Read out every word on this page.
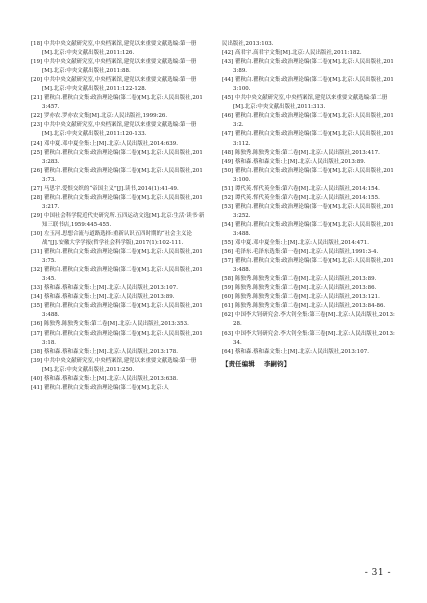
[18] 中共中央文献研究室,中央档案馆,建党以来重要文献选编:第一册[M].北京:中央文献出版社,2011:126.

[19] 中共中央文献研究室,中央档案馆,建党以来重要文献选编:第一册[M].北京:中央文献出版社,2011:88.

[20] 中共中央文献研究室,中央档案馆,建党以来重要文献选编:第一册[M].北京:中央文献出版社,2011:122-128.

[21] 瞿秋白.瞿秋白文集:政治理论编(第二卷)[M].北京:人民出版社,2013:457.

[22] 罗亦农.罗亦农文集[M].北京:人民出版社,1999:26.

[23] 中共中央文献研究室,中央档案馆,建党以来重要文献选编:第一册[M].北京:中央文献出版社,2011:120-133.

[24] 邓中夏.邓中夏全集:上[M].北京:人民出版社,2014:639.

[25] 瞿秋白.瞿秋白文集:政治理论编(第二卷)[M].北京:人民出版社,2013:283.

[26] 瞿秋白.瞿秋白文集:政治理论编(第二卷)[M].北京:人民出版社,2013:73.

[27] 马思宇.爱恨交织的“帝国主义”[J].读书,2014(1):41-49.

[28] 瞿秋白.瞿秋白文集:政治理论编(第二卷)[M].北京:人民出版社,2013:217.

[29] 中国社会科学院近代史研究所.五四运动文选[M].北京:生活·读书·新知三联书店,1959:445-455.

[30] 左玉河.思想合流与道路选择:重新认识五四时期的“社会主义论战”[J].安徽大学学报(哲学社会科学版),2017(1):102-111.

[31] 瞿秋白.瞿秋白文集:政治理论编(第二卷)[M].北京:人民出版社,2013:75.

[32] 瞿秋白.瞿秋白文集:政治理论编(第二卷)[M].北京:人民出版社,2013:45.

[33] 蔡和森.蔡和森文集:上[M].北京:人民出版社,2013:107.

[34] 蔡和森.蔡和森文集:上[M].北京:人民出版社,2013:89.

[35] 瞿秋白.瞿秋白文集:政治理论编(第二卷)[M].北京:人民出版社,2013:488.

[36] 陈独秀.陈独秀文集:第二卷[M].北京:人民出版社,2013:353.

[37] 瞿秋白.瞿秋白文集:政治理论编(第二卷)[M].北京:人民出版社,2013:18.

[38] 蔡和森.蔡和森文集:上[M].北京:人民出版社,2013:178.

[39] 中共中央文献研究室,中央档案馆,建党以来重要文献选编:第一册[M].北京:中央文献出版社,2011:250.

[40] 蔡和森.蔡和森文集:上[M].北京:人民出版社,2013:638.

[41] 瞿秋白.瞿秋白文集:政治理论编(第二卷)[M].北京:人

民出版社,2013:103.

[42] 高君宇.高君宇文集[M].北京:人民出版社,2011:182.

[43] 瞿秋白.瞿秋白文集:政治理论编(第二卷)[M].北京:人民出版社,2013:89.

[44] 瞿秋白.瞿秋白文集:政治理论编(第二卷)[M].北京:人民出版社,2013:100.

[45] 中共中央文献研究室,中央档案馆,建党以来重要文献选编:第二册[M].北京:中央文献出版社,2011:313.

[46] 瞿秋白.瞿秋白文集:政治理论编(第二卷)[M].北京:人民出版社,2013:2.

[47] 瞿秋白.瞿秋白文集:政治理论编(第二卷)[M].北京:人民出版社,2013:112.

[48] 陈独秀.陈独秀文集:第二卷[M].北京:人民出版社,2013:417.

[49] 蔡和森.蔡和森文集:上[M].北京:人民出版社,2013:89.

[50] 瞿秋白.瞿秋白文集:政治理论编(第二卷)[M].北京:人民出版社,2013:100.

[51] 谭代英.恽代英全集:第六卷[M].北京:人民出版社,2014:154.

[52] 谭代英.恽代英全集:第六卷[M].北京:人民出版社,2014:155.

[53] 瞿秋白.瞿秋白文集:政治理论编(第一卷)[M].北京:人民出版社,2013:252.

[54] 瞿秋白.瞿秋白文集:政治理论编(第二卷)[M].北京:人民出版社,2013:488.

[55] 邓中夏.邓中夏全集:上[M].北京:人民出版社,2014:471.

[56] 毛泽东.毛泽东选集:第一卷[M].北京:人民出版社,1991:3-4.

[57] 瞿秋白.瞿秋白文集:政治理论编(第二卷)[M].北京:人民出版社,2013:488.

[58] 陈独秀.陈独秀文集:第二卷[M].北京:人民出版社,2013:89.

[59] 陈独秀.陈独秀文集:第二卷[M].北京:人民出版社,2013:86.

[60] 陈独秀.陈独秀文集:第二卷[M].北京:人民出版社,2013:121.

[61] 陈独秀.陈独秀文集:第二卷[M].北京:人民出版社,2013:84-86.

[62] 中国李大钊研究会.李大钊全集:第三卷[M].北京:人民出版社,2013:28.

[63] 中国李大钊研究会.李大钊全集:第三卷[M].北京:人民出版社,2013:34.

[64] 蔡和森.蔡和森文集:上[M].北京:人民出版社,2013:107.

【责任编辑 李嗣钧】
- 31 -
